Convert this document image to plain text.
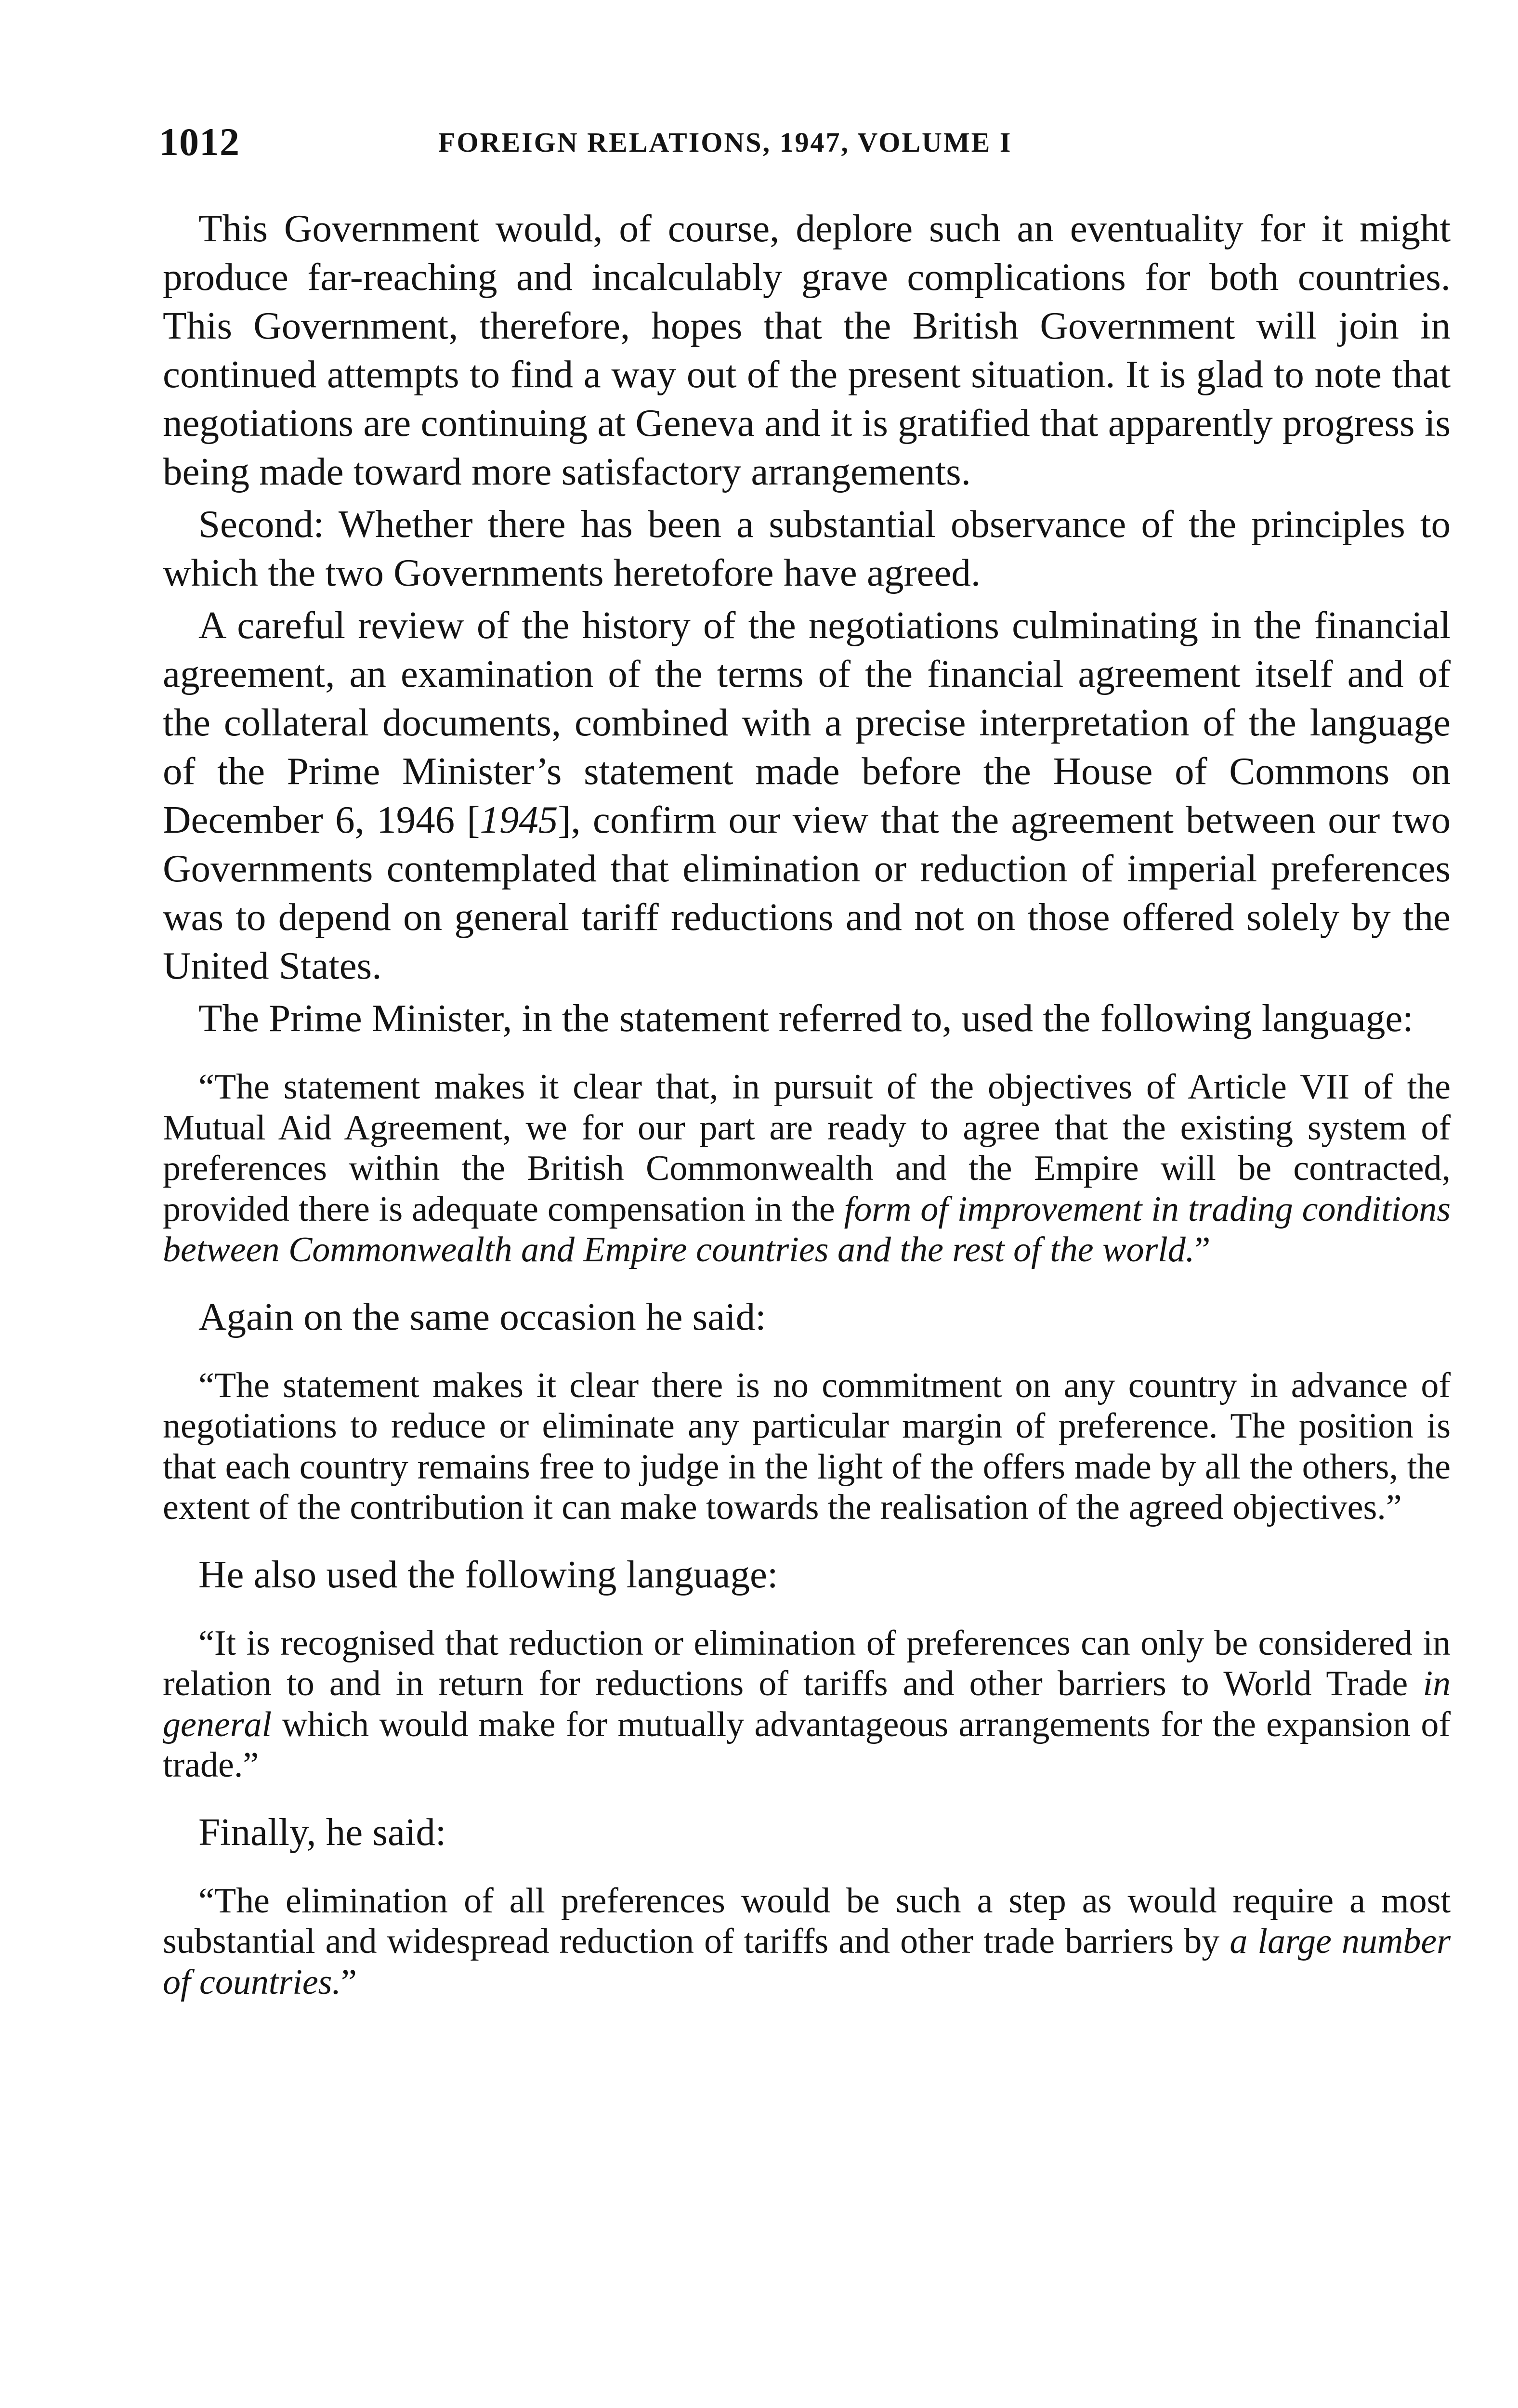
1012	FOREIGN RELATIONS, 1947, VOLUME I

This Government would, of course, deplore such an eventuality for it might produce far-reaching and incalculably grave complications for both countries. This Government, therefore, hopes that the British Government will join in continued attempts to find a way out of the present situation. It is glad to note that negotiations are continuing at Geneva and it is gratified that apparently progress is being made toward more satisfactory arrangements.

Second: Whether there has been a substantial observance of the principles to which the two Governments heretofore have agreed.

A careful review of the history of the negotiations culminating in the financial agreement, an examination of the terms of the financial agreement itself and of the collateral documents, combined with a precise interpretation of the language of the Prime Minister’s statement made before the House of Commons on December 6, 1946 [1945], confirm our view that the agreement between our two Governments contemplated that elimination or reduction of imperial preferences was to depend on general tariff reductions and not on those offered solely by the United States.

The Prime Minister, in the statement referred to, used the following language:

“The statement makes it clear that, in pursuit of the objectives of Article VII of the Mutual Aid Agreement, we for our part are ready to agree that the existing system of preferences within the British Commonwealth and the Empire will be contracted, provided there is adequate compensation in the form of improvement in trading conditions between Commonwealth and Empire countries and the rest of the world.”

Again on the same occasion he said:

“The statement makes it clear there is no commitment on any country in advance of negotiations to reduce or eliminate any particular margin of preference. The position is that each country remains free to judge in the light of the offers made by all the others, the extent of the contribution it can make towards the realisation of the agreed objectives.”

He also used the following language:

“It is recognised that reduction or elimination of preferences can only be considered in relation to and in return for reductions of tariffs and other barriers to World Trade in general which would make for mutually advantageous arrangements for the expansion of trade.”

Finally, he said:

“The elimination of all preferences would be such a step as would require a most substantial and widespread reduction of tariffs and other trade barriers by a large number of countries.”
